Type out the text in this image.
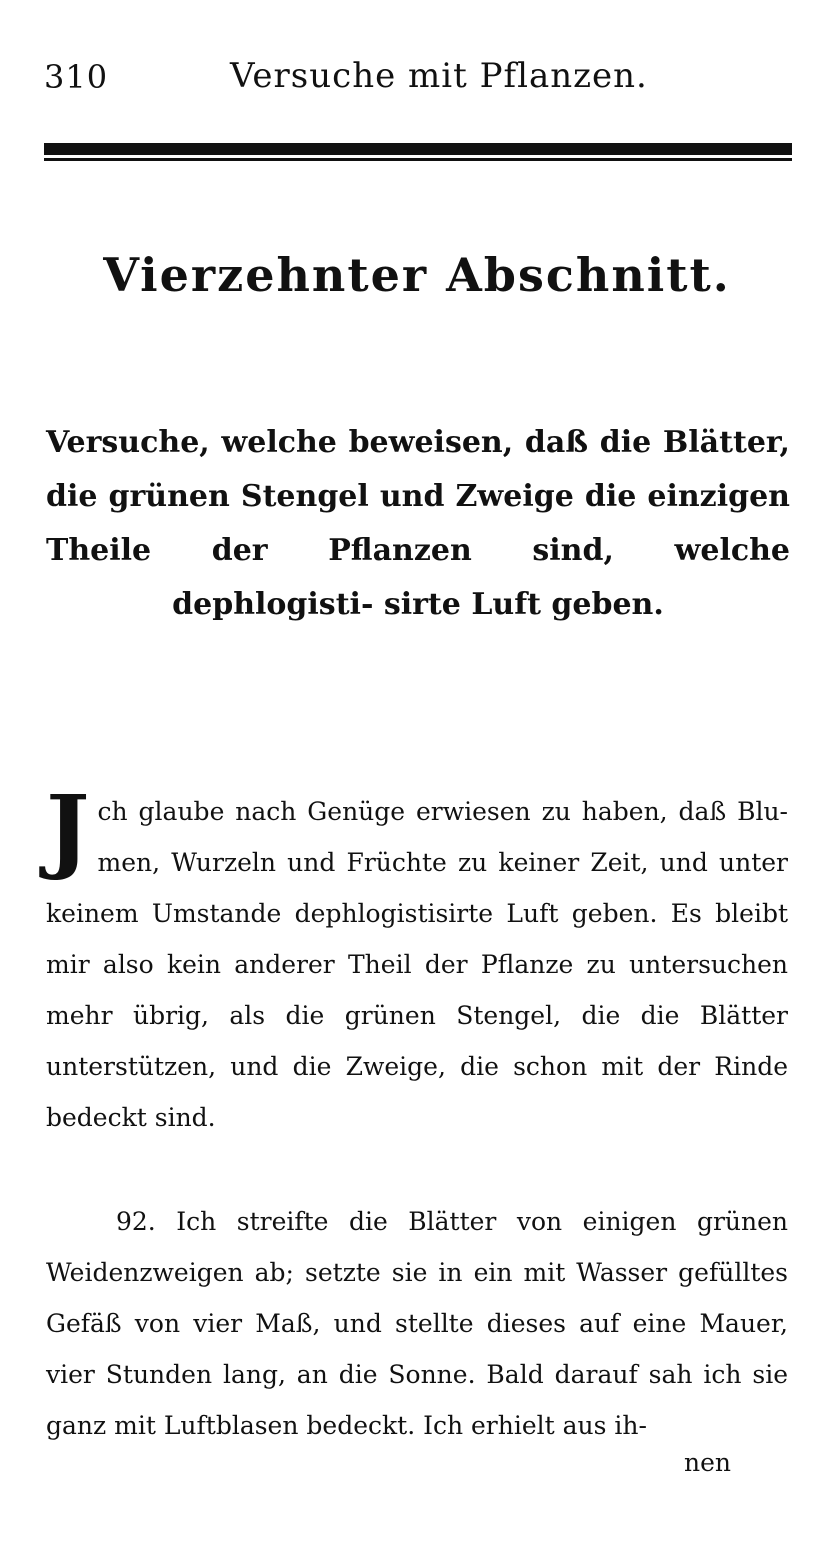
310	Versuche mit Pflanzen.
Vierzehnter Abschnitt.
Versuche, welche beweisen, daß die Blätter, die grünen Stengel und Zweige die einzigen Theile der Pflanzen sind, welche dephlogisti- sirte Luft geben.
Jch glaube nach Genüge erwiesen zu haben, daß Blu- men, Wurzeln und Früchte zu keiner Zeit, und unter keinem Umstande dephlogistisirte Luft geben. Es bleibt mir also kein anderer Theil der Pflanze zu untersuchen mehr übrig, als die grünen Stengel, die die Blätter unterstützen, und die Zweige, die schon mit der Rinde bedeckt sind.
92. Ich streifte die Blätter von einigen grünen Weidenzweigen ab; setzte sie in ein mit Wasser gefülltes Gefäß von vier Maß, und stellte dieses auf eine Mauer, vier Stunden lang, an die Sonne. Bald darauf sah ich sie ganz mit Luftblasen bedeckt. Ich erhielt aus ih-
nen
